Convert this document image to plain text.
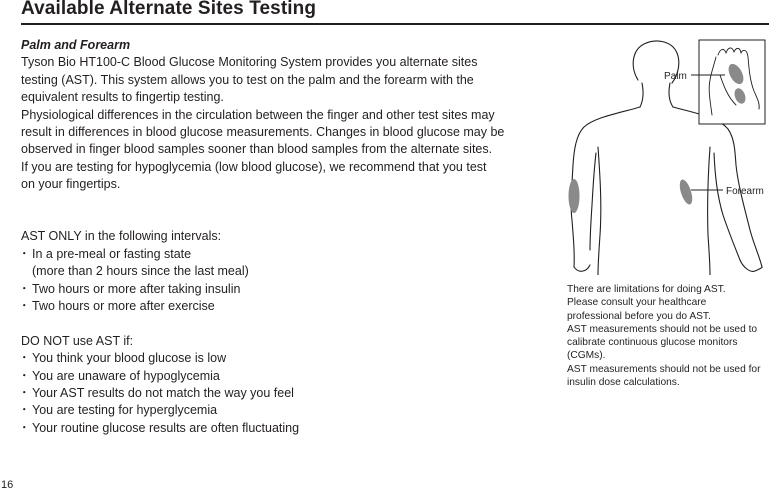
Available Alternate Sites Testing

Palm and Forearm

Tyson Bio HT100-C Blood Glucose Monitoring System provides you alternate sites

testing (AST). This system allows you to test on the palm and the forearm with the

equivalent results to fingertip testing.

Physiological differences in the circulation between the finger and other test sites may

result in differences in blood glucose measurements. Changes in blood glucose may be

observed in finger blood samples sooner than blood samples from the alternate sites.

If you are testing for hypoglycemia (low blood glucose), we recommend that you test

on your fingertips.

AST ONLY in the following intervals:

・ In a pre-meal or fasting state
(more than 2 hours since the last meal)
・ Two hours or more after taking insulin
・ Two hours or more after exercise

DO NOT use AST if:

・ You think your blood glucose is low
・ You are unaware of hypoglycemia
・ Your AST results do not match the way you feel
・ You are testing for hyperglycemia
・ Your routine glucose results are often fluctuating
Palm
Forearm

There are limitations for doing AST.

Please consult your healthcare

professional before you do AST.

AST measurements should not be used to

calibrate continuous glucose monitors

(CGMs).

AST measurements should not be used for

insulin dose calculations.

16
